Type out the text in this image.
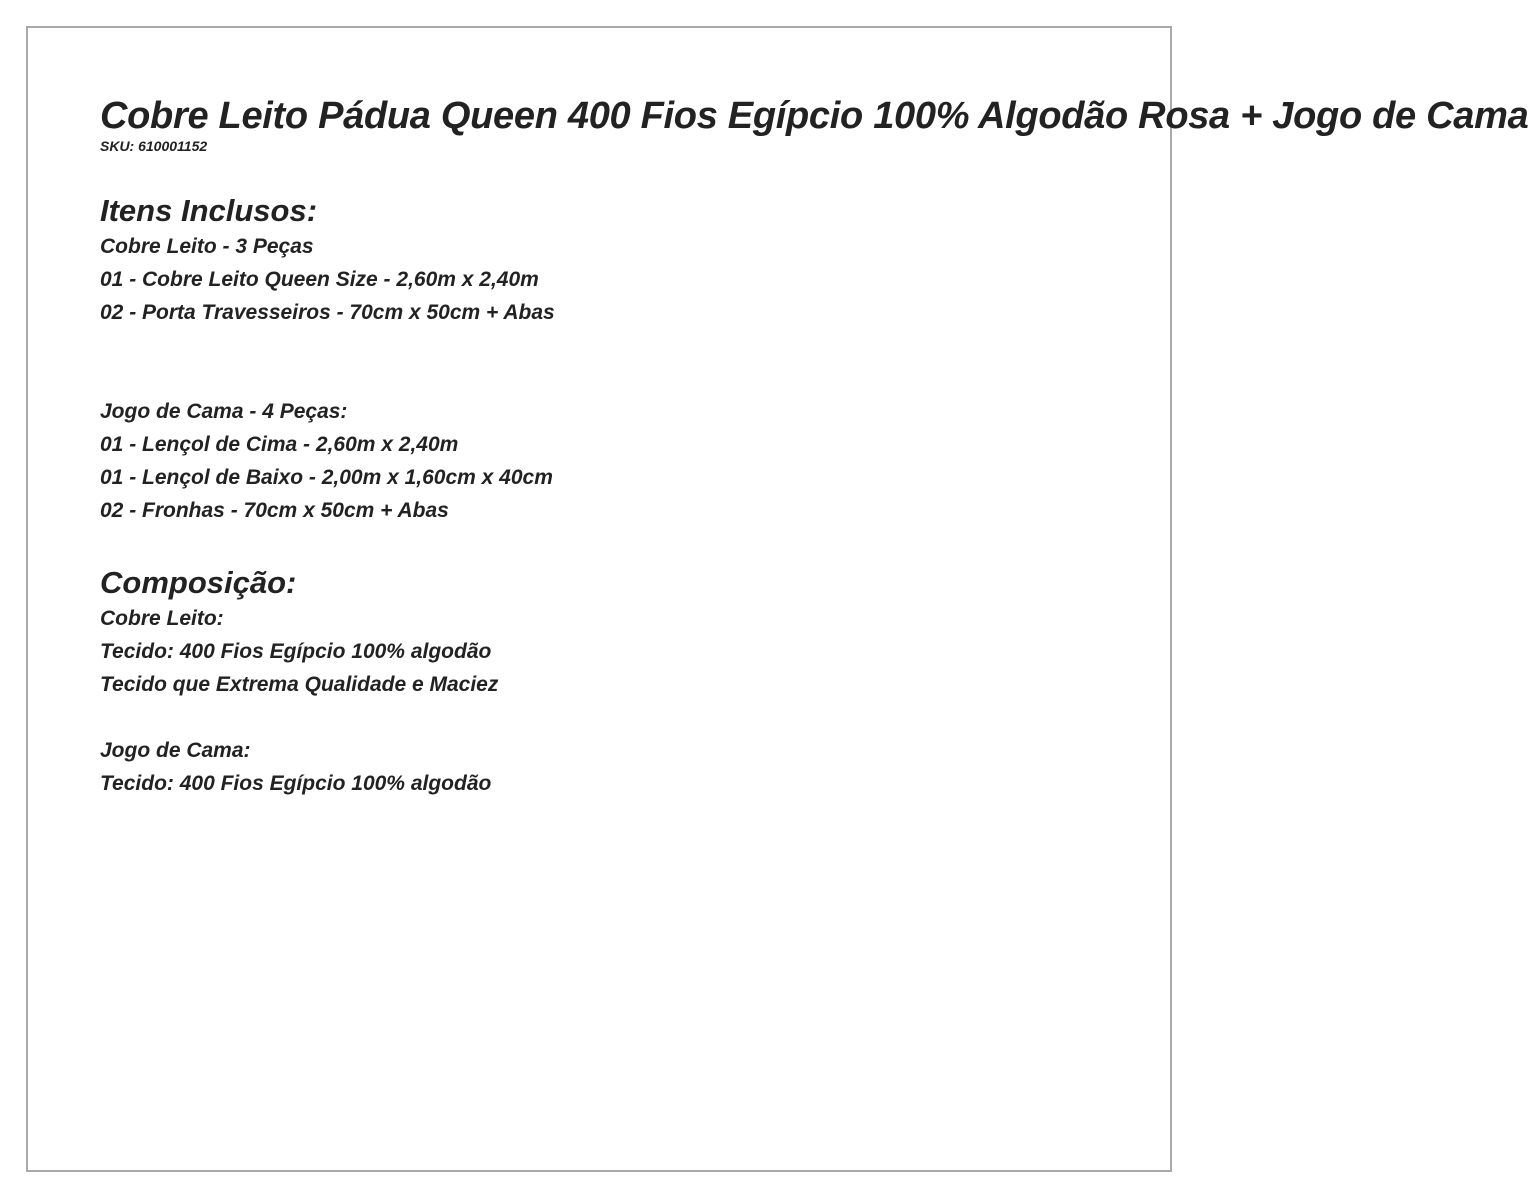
Cobre Leito Pádua Queen 400 Fios Egípcio 100% Algodão Rosa + Jogo de Cama

SKU: 610001152

Itens Inclusos:

Cobre Leito - 3 Peças

01 - Cobre Leito Queen Size - 2,60m x 2,40m

02 - Porta Travesseiros - 70cm x 50cm + Abas

Jogo de Cama - 4 Peças:

01 - Lençol de Cima - 2,60m x 2,40m

01 - Lençol de Baixo - 2,00m x 1,60cm x 40cm

02 - Fronhas - 70cm x 50cm + Abas

Composição:

Cobre Leito:

Tecido: 400 Fios Egípcio 100% algodão

Tecido que Extrema Qualidade e Maciez

Jogo de Cama:

Tecido: 400 Fios Egípcio 100% algodão
